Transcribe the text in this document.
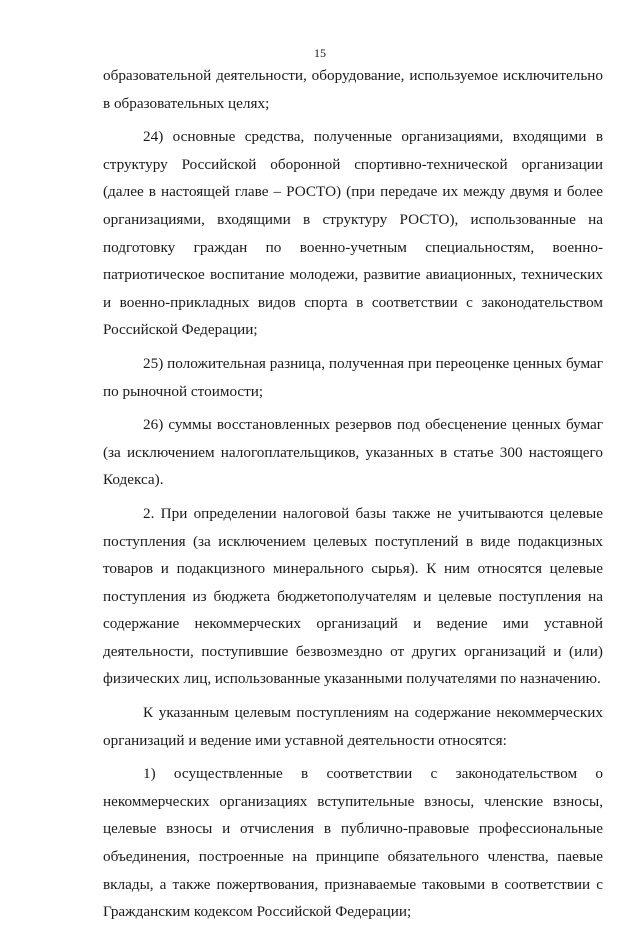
15

образовательной деятельности, оборудование, используемое исключительно в образовательных целях;

24) основные средства, полученные организациями, входящими в структуру Российской оборонной спортивно-технической организации (далее в настоящей главе – РОСТО) (при передаче их между двумя и более организациями, входящими в структуру РОСТО), использованные на подготовку граждан по военно-учетным специальностям, военно-патриотическое воспитание молодежи, развитие авиационных, технических и военно-прикладных видов спорта в соответствии с законодательством Российской Федерации;

25) положительная разница, полученная при переоценке ценных бумаг по рыночной стоимости;

26) суммы восстановленных резервов под обесценение ценных бумаг (за исключением налогоплательщиков, указанных в статье 300 настоящего Кодекса).

2. При определении налоговой базы также не учитываются целевые поступления (за исключением целевых поступлений в виде подакцизных товаров и подакцизного минерального сырья). К ним относятся целевые поступления из бюджета бюджетополучателям и целевые поступления на содержание некоммерческих организаций и ведение ими уставной деятельности, поступившие безвозмездно от других организаций и (или) физических лиц, использованные указанными получателями по назначению.

К указанным целевым поступлениям на содержание некоммерческих организаций и ведение ими уставной деятельности относятся:

1) осуществленные в соответствии с законодательством о некоммерческих организациях вступительные взносы, членские взносы, целевые взносы и отчисления в публично-правовые профессиональные объединения, построенные на принципе обязательного членства, паевые вклады, а также пожертвования, признаваемые таковыми в соответствии с Гражданским кодексом Российской Федерации;
